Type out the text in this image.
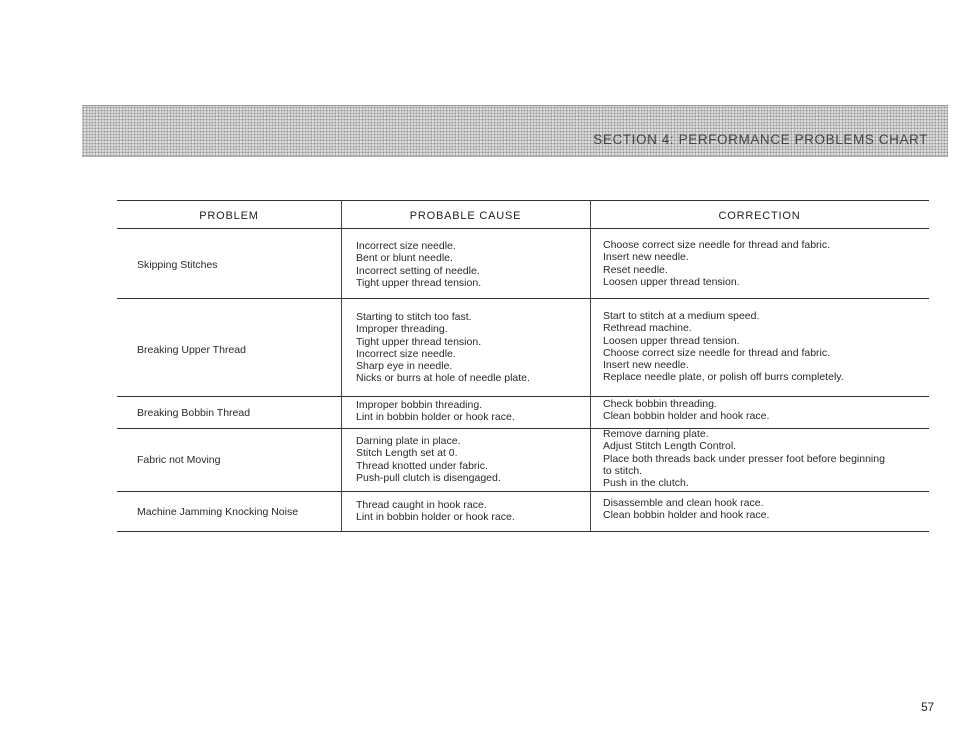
SECTION 4: PERFORMANCE PROBLEMS CHART
PROBLEM	PROBABLE CAUSE	CORRECTION
Skipping Stitches
Incorrect size needle.
Bent or blunt needle.
Incorrect setting of needle.
Tight upper thread tension.
Choose correct size needle for thread and fabric.
Insert new needle.
Reset needle.
Loosen upper thread tension.
Breaking Upper Thread
Starting to stitch too fast.
Improper threading.
Tight upper thread tension.
Incorrect size needle.
Sharp eye in needle.
Nicks or burrs at hole of needle plate.
Start to stitch at a medium speed.
Rethread machine.
Loosen upper thread tension.
Choose correct size needle for thread and fabric.
Insert new needle.
Replace needle plate, or polish off burrs completely.
Breaking Bobbin Thread
Improper bobbin threading.
Lint in bobbin holder or hook race.
Check bobbin threading.
Clean bobbin holder and hook race.
Fabric not Moving
Darning plate in place.
Stitch Length set at 0.
Thread knotted under fabric.
Push-pull clutch is disengaged.
Remove darning plate.
Adjust Stitch Length Control.
Place both threads back under presser foot before beginning
to stitch.
Push in the clutch.
Machine Jamming Knocking Noise
Thread caught in hook race.
Lint in bobbin holder or hook race.
Disassemble and clean hook race.
Clean bobbin holder and hook race.
57
